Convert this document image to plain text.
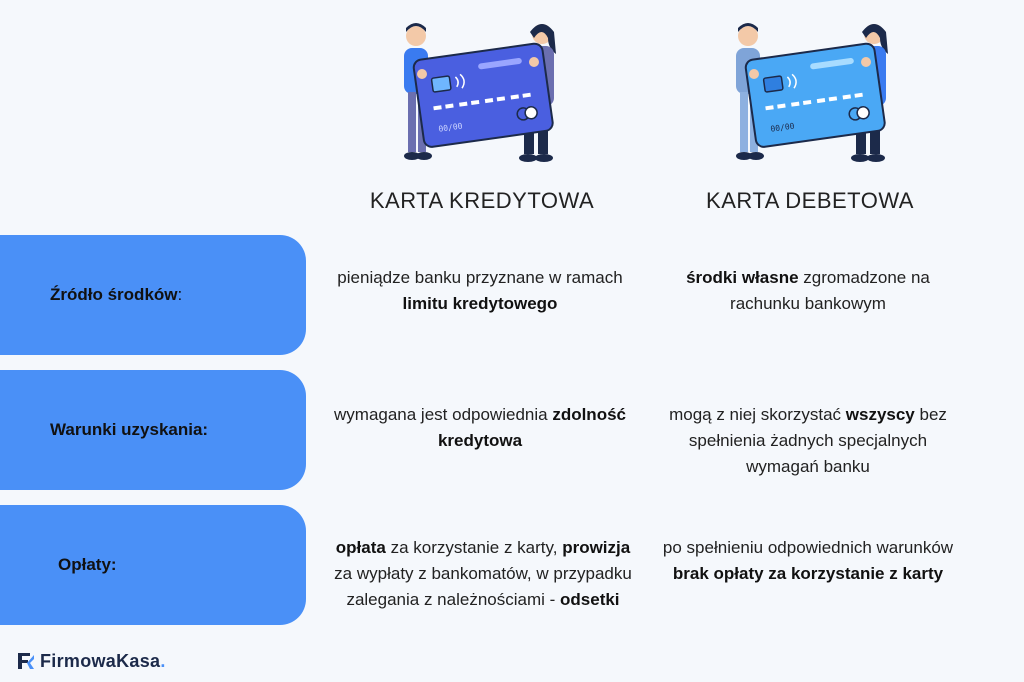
00/00	00/00
KARTA KREDYTOWA	KARTA DEBETOWA
Źródło środków:
pieniądze banku przyznane w ramach limitu kredytowego
środki własne zgromadzone na rachunku bankowym
Warunki uzyskania:
wymagana jest odpowiednia zdolność kredytowa
mogą z niej skorzystać wszyscy bez spełnienia żadnych specjalnych wymagań banku
Opłaty:
opłata za korzystanie z karty, prowizja za wypłaty z bankomatów, w przypadku zalegania z należnościami - odsetki
po spełnieniu odpowiednich warunków brak opłaty za korzystanie z karty
FirmowaKasa.
